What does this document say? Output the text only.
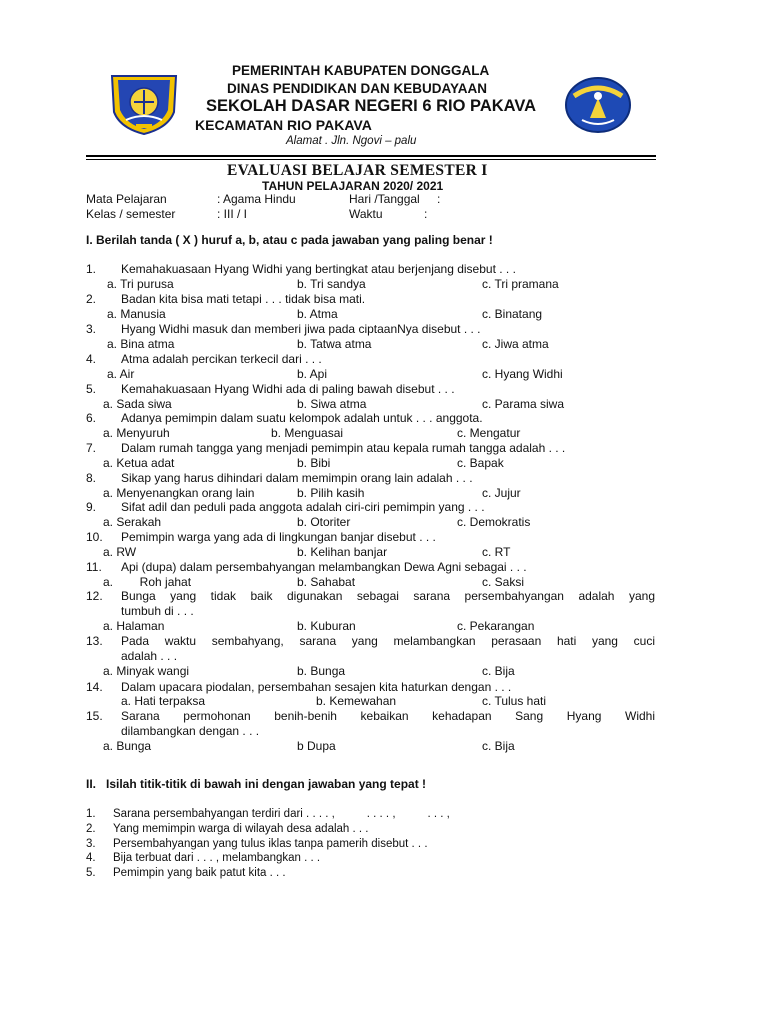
PEMERINTAH KABUPATEN DONGGALA
DINAS PENDIDIKAN DAN KEBUDAYAAN
SEKOLAH DASAR NEGERI 6 RIO PAKAVA
KECAMATAN RIO PAKAVA
Alamat . Jln. Ngovi – palu
EVALUASI BELAJAR SEMESTER I
TAHUN PELAJARAN 2020/ 2021
Mata Pelajaran	: Agama Hindu	Hari /Tanggal :
Kelas / semester	: III / I	Waktu	:
I. Berilah tanda ( X ) huruf a, b, atau c pada jawaban yang paling benar !
1. Kemahakuasaan Hyang Widhi yang bertingkat atau berjenjang disebut . . .
a. Tri purusa	b. Tri sandya	c. Tri pramana
2. Badan kita bisa mati tetapi . . . tidak bisa mati.
a. Manusia	b. Atma	c. Binatang
3. Hyang Widhi masuk dan memberi jiwa pada ciptaanNya disebut . . .
a. Bina atma	b. Tatwa atma	c. Jiwa atma
4. Atma adalah percikan terkecil dari . . .
a. Air	b. Api	c. Hyang Widhi
5. Kemahakuasaan Hyang Widhi ada di paling bawah disebut . . .
a. Sada siwa	b. Siwa atma	c. Parama siwa
6. Adanya pemimpin dalam suatu kelompok adalah untuk . . . anggota.
a. Menyuruh	b. Menguasai	c. Mengatur
7. Dalam rumah tangga yang menjadi pemimpin atau kepala rumah tangga adalah . . .
a. Ketua adat	b. Bibi	c. Bapak
8. Sikap yang harus dihindari dalam memimpin orang lain adalah . . .
a. Menyenangkan orang lain	b. Pilih kasih	c. Jujur
9. Sifat adil dan peduli pada anggota adalah ciri-ciri pemimpin yang . . .
a. Serakah	b. Otoriter	c. Demokratis
10. Pemimpin warga yang ada di lingkungan banjar disebut . . .
a. RW	b. Kelihan banjar	c. RT
11. Api (dupa) dalam persembahyangan melambangkan Dewa Agni sebagai . . .
a.        Roh jahat	b. Sahabat	c. Saksi
12. Bunga yang tidak baik digunakan sebagai sarana persembahyangan adalah yang
tumbuh di . . .
a. Halaman	b. Kuburan	c. Pekarangan
13. Pada waktu sembahyang, sarana yang melambangkan perasaan hati yang cuci
adalah . . .
a. Minyak wangi	b. Bunga	c. Bija
14. Dalam upacara piodalan, persembahan sesajen kita haturkan dengan . . .
a. Hati terpaksa	b. Kemewahan	c. Tulus hati
15. Sarana permohonan benih-benih kebaikan kehadapan Sang Hyang Widhi
dilambangkan dengan . . .
a. Bunga	b Dupa	c. Bija
II.   Isilah titik-titik di bawah ini dengan jawaban yang tepat !
1. Sarana persembahyangan terdiri dari . . . . ,          . . . . ,          . . . ,
2. Yang memimpin warga di wilayah desa adalah . . .
3. Persembahyangan yang tulus iklas tanpa pamerih disebut . . .
4. Bija terbuat dari . . . , melambangkan . . .
5. Pemimpin yang baik patut kita . . .
